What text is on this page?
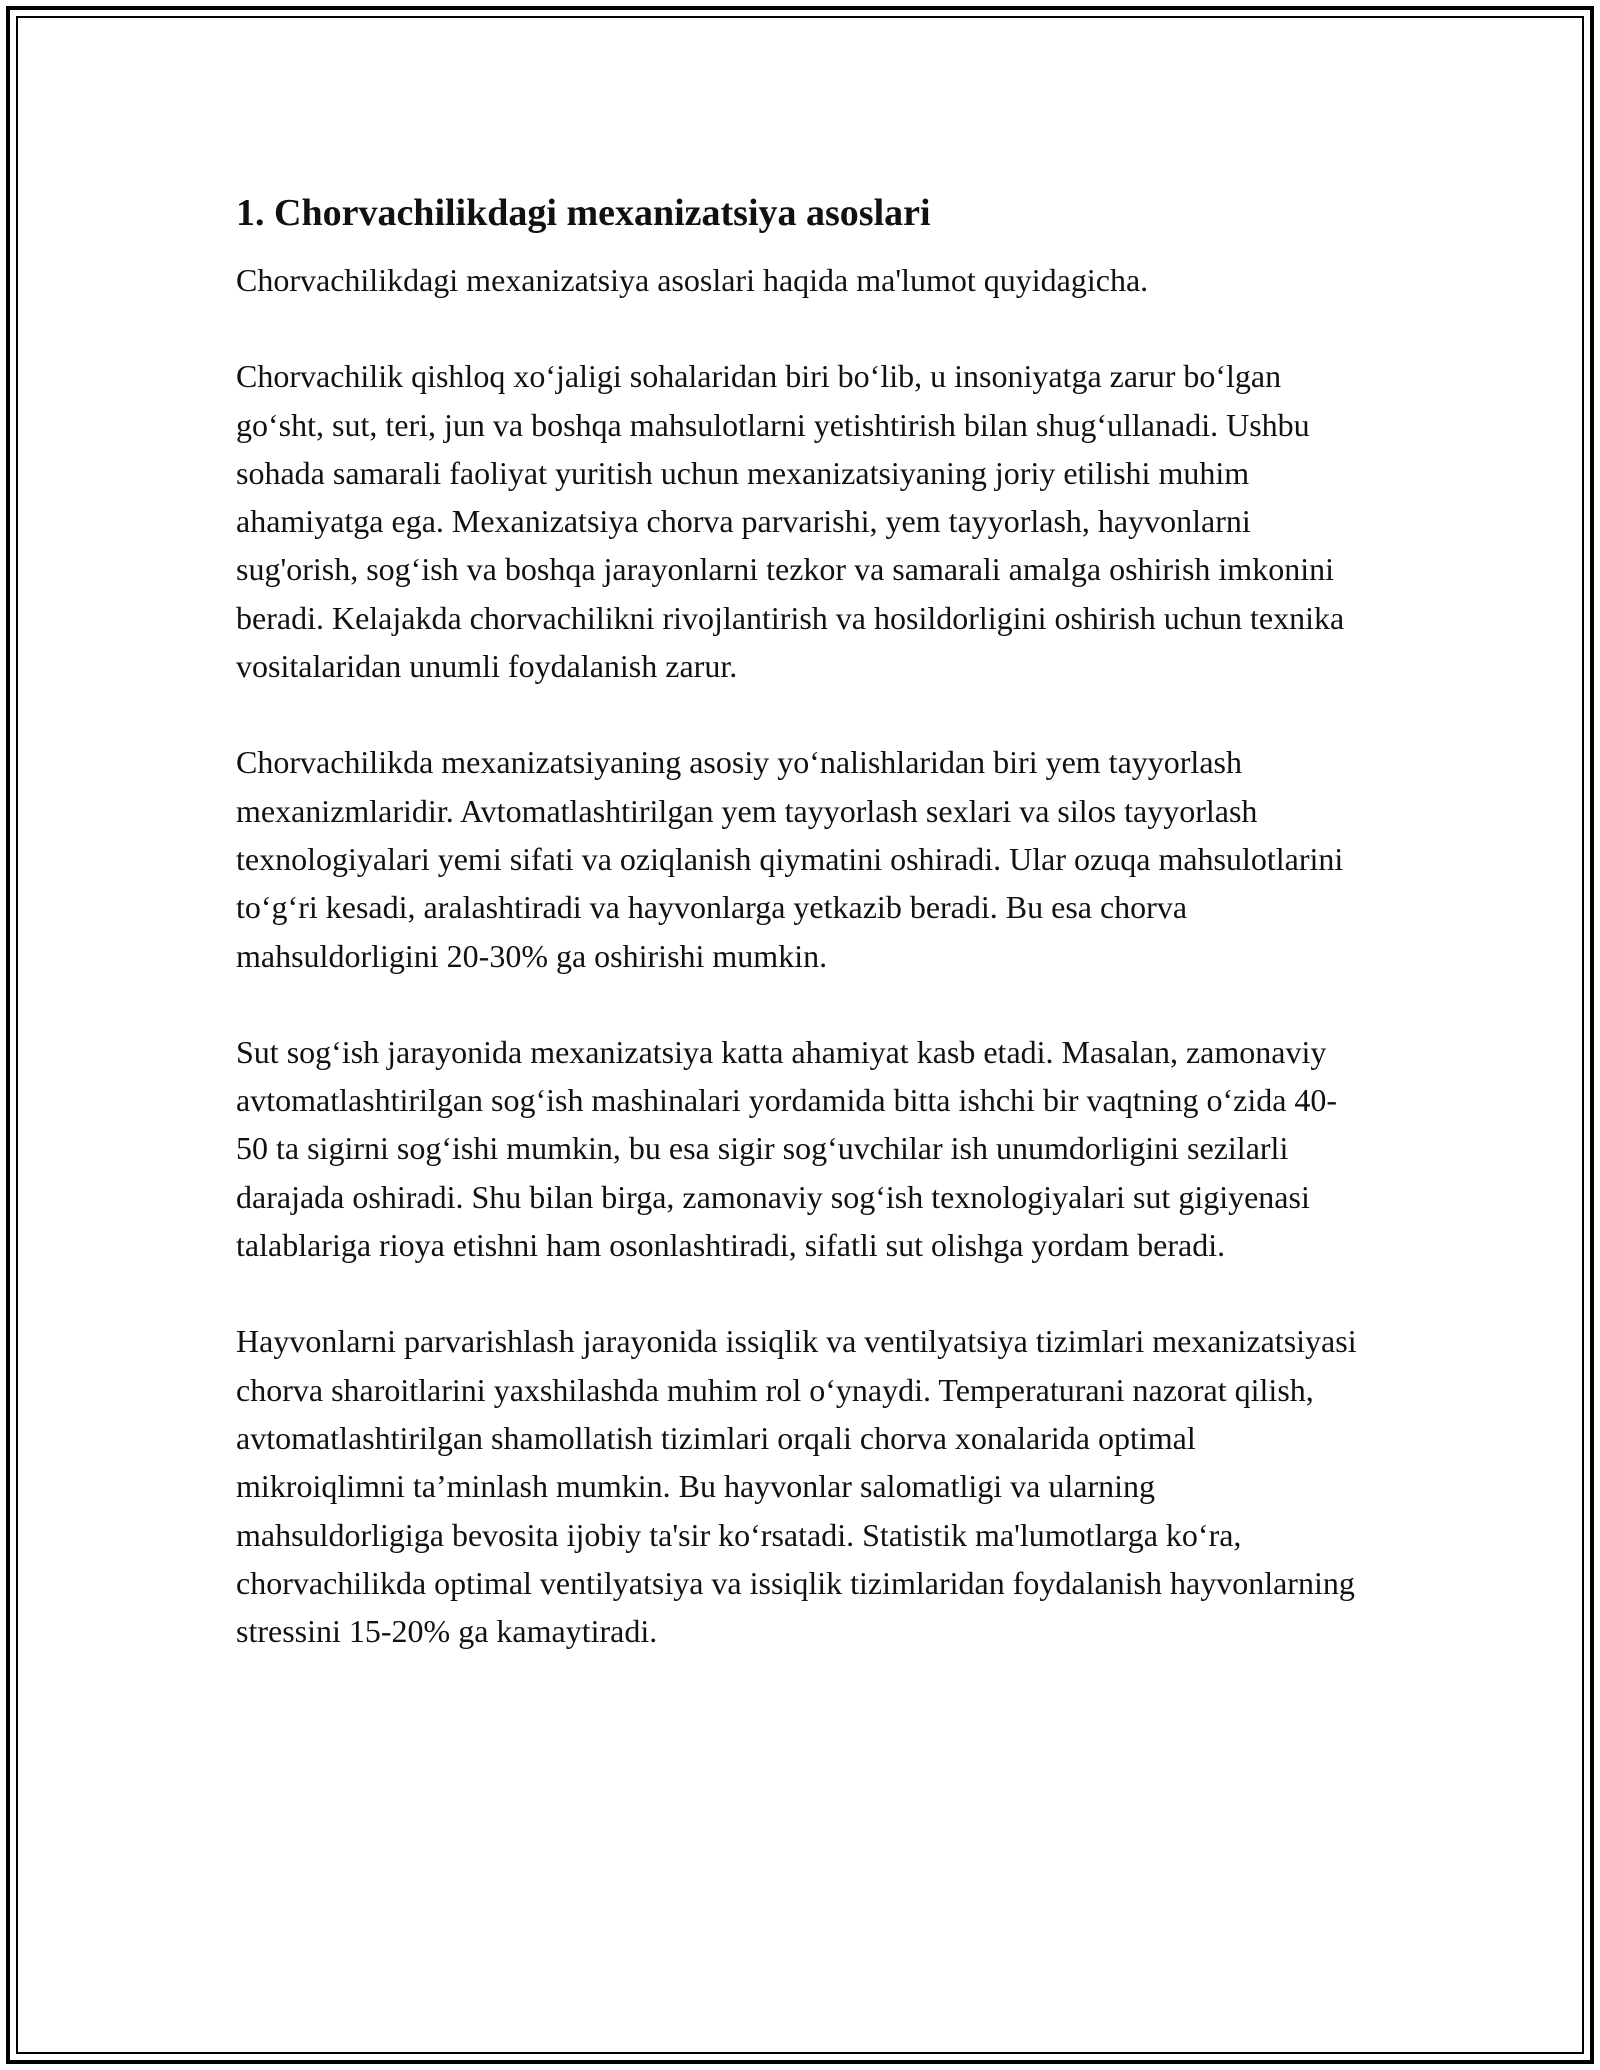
1. Chorvachilikdagi mexanizatsiya asoslari

Chorvachilikdagi mexanizatsiya asoslari haqida ma'lumot quyidagicha.

Chorvachilik qishloq xo‘jaligi sohalaridan biri bo‘lib, u insoniyatga zarur bo‘lgan go‘sht, sut, teri, jun va boshqa mahsulotlarni yetishtirish bilan shug‘ullanadi. Ushbu sohada samarali faoliyat yuritish uchun mexanizatsiyaning joriy etilishi muhim ahamiyatga ega. Mexanizatsiya chorva parvarishi, yem tayyorlash, hayvonlarni sug'orish, sog‘ish va boshqa jarayonlarni tezkor va samarali amalga oshirish imkonini beradi. Kelajakda chorvachilikni rivojlantirish va hosildorligini oshirish uchun texnika vositalaridan unumli foydalanish zarur.

Chorvachilikda mexanizatsiyaning asosiy yo‘nalishlaridan biri yem tayyorlash mexanizmlaridir. Avtomatlashtirilgan yem tayyorlash sexlari va silos tayyorlash texnologiyalari yemi sifati va oziqlanish qiymatini oshiradi. Ular ozuqa mahsulotlarini to‘g‘ri kesadi, aralashtiradi va hayvonlarga yetkazib beradi. Bu esa chorva mahsuldorligini 20-30% ga oshirishi mumkin.

Sut sog‘ish jarayonida mexanizatsiya katta ahamiyat kasb etadi. Masalan, zamonaviy avtomatlashtirilgan sog‘ish mashinalari yordamida bitta ishchi bir vaqtning o‘zida 40-50 ta sigirni sog‘ishi mumkin, bu esa sigir sog‘uvchilar ish unumdorligini sezilarli darajada oshiradi. Shu bilan birga, zamonaviy sog‘ish texnologiyalari sut gigiyenasi talablariga rioya etishni ham osonlashtiradi, sifatli sut olishga yordam beradi.

Hayvonlarni parvarishlash jarayonida issiqlik va ventilyatsiya tizimlari mexanizatsiyasi chorva sharoitlarini yaxshilashda muhim rol o‘ynaydi. Temperaturani nazorat qilish, avtomatlashtirilgan shamollatish tizimlari orqali chorva xonalarida optimal mikroiqlimni ta’minlash mumkin. Bu hayvonlar salomatligi va ularning mahsuldorligiga bevosita ijobiy ta'sir ko‘rsatadi. Statistik ma'lumotlarga ko‘ra, chorvachilikda optimal ventilyatsiya va issiqlik tizimlaridan foydalanish hayvonlarning stressini 15-20% ga kamaytiradi.
